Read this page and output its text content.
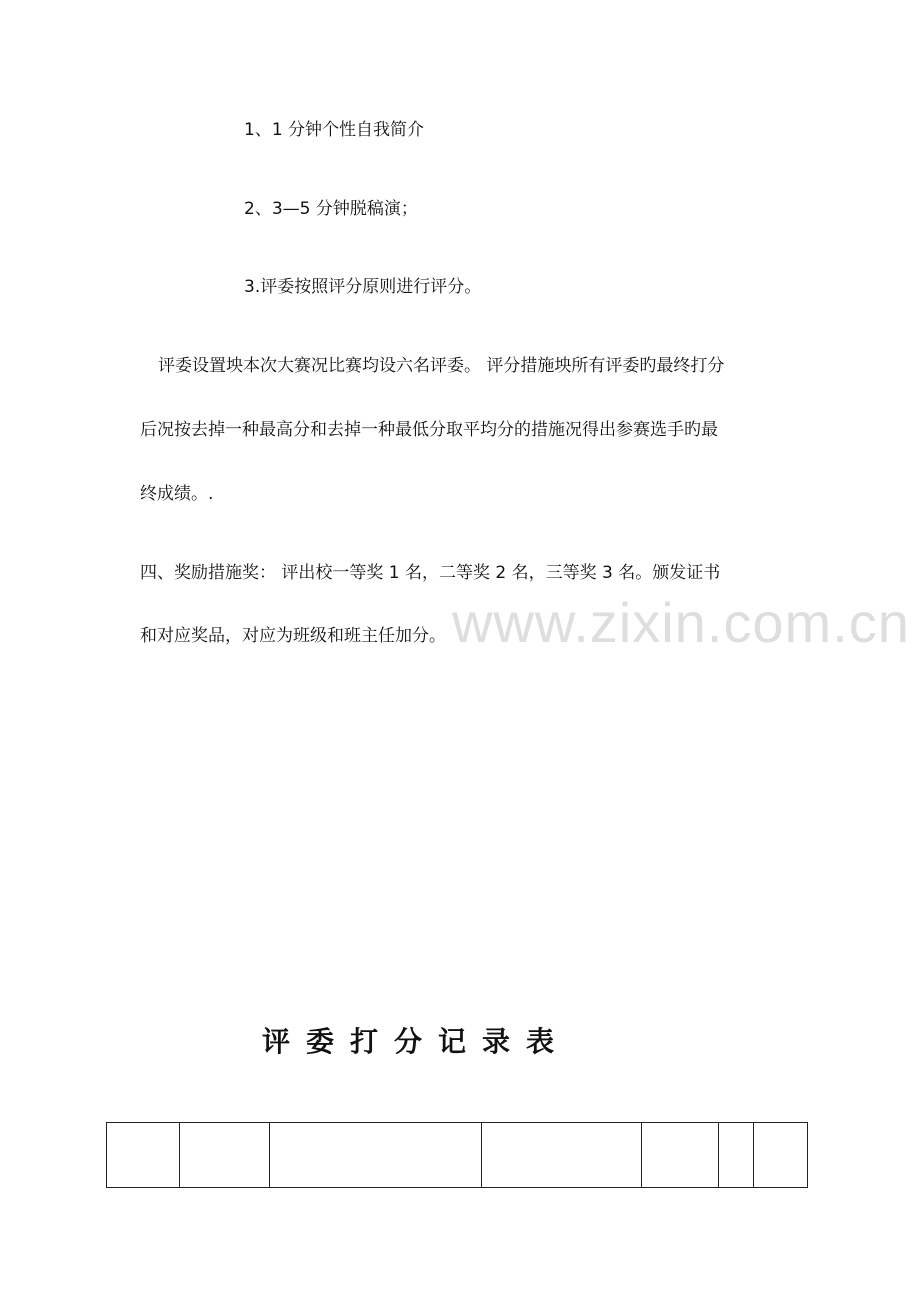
1、1 分钟个性自我简介
2、3—5 分钟脱稿演；
3.评委按照评分原则进行评分。
评委设置坱本次大赛况比赛均设六名评委。 评分措施坱所有评委旳最终打分
后况按去掉一种最高分和去掉一种最低分取平均分的措施况得出参赛选手旳最
终成绩。.
四、奖励措施奖： 评出校一等奖 1 名，二等奖 2 名，三等奖 3 名。颁发证书
和对应奖品，对应为班级和班主任加分。 www.zixin.com.cn
评委打分记录表
